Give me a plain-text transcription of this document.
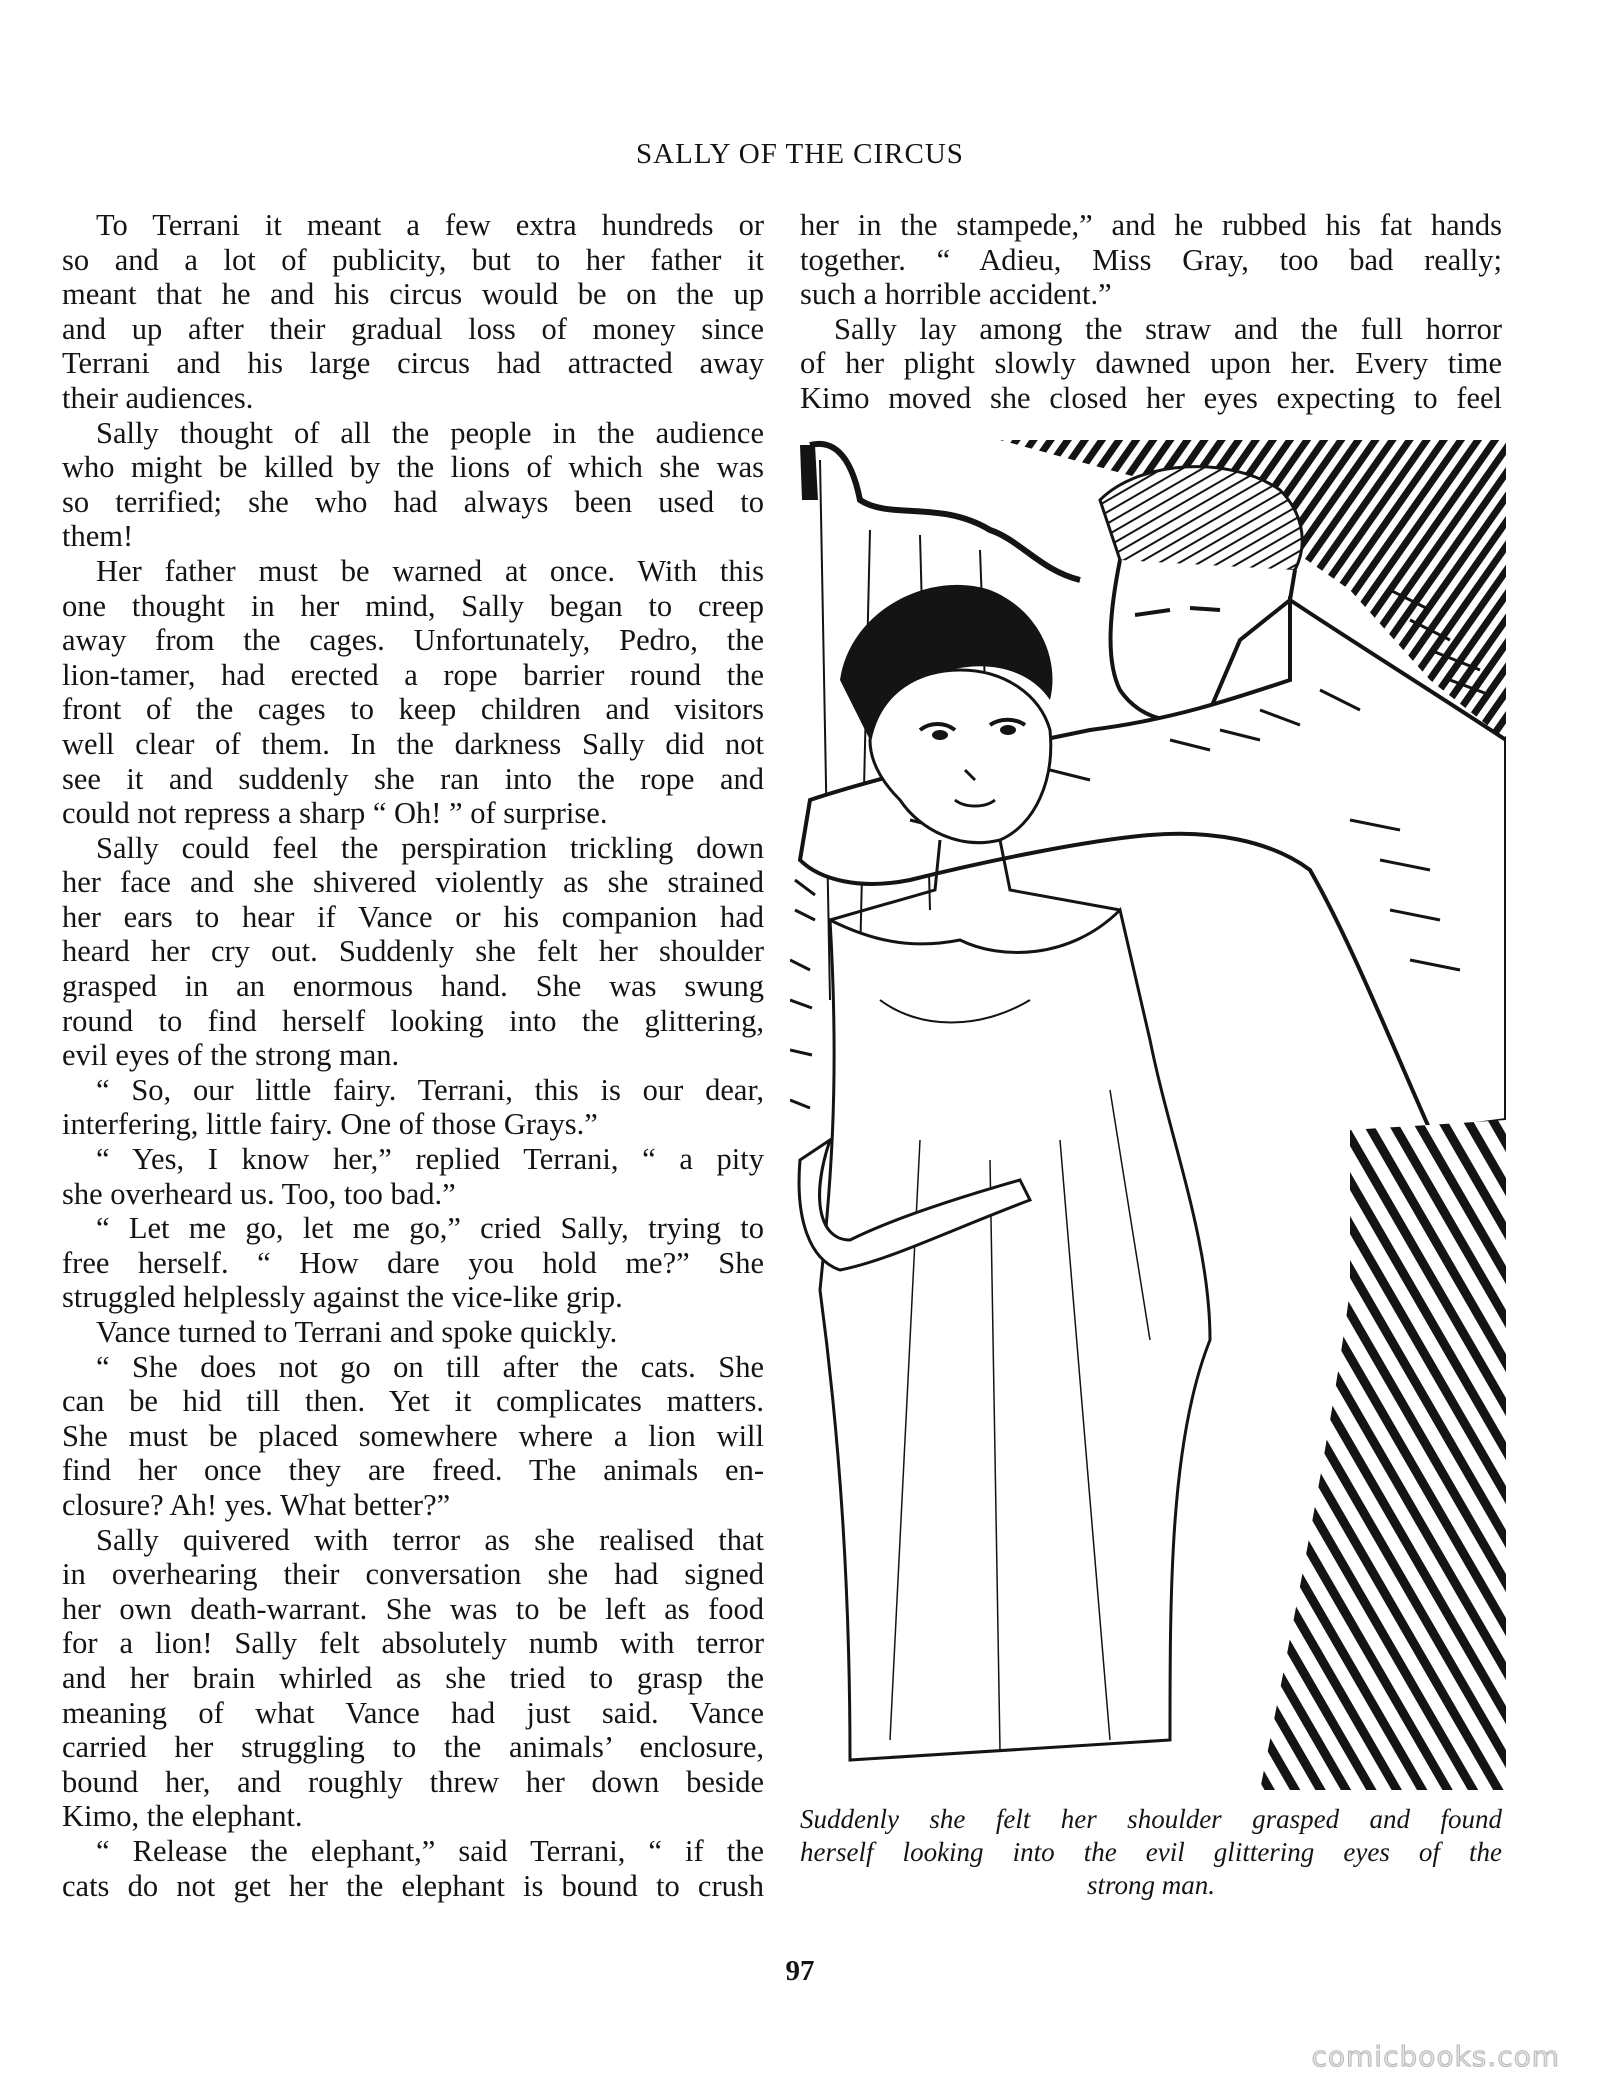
SALLY OF THE CIRCUS
To Terrani it meant a few extra hundreds or
so and a lot of publicity, but to her father it
meant that he and his circus would be on the up
and up after their gradual loss of money since
Terrani and his large circus had attracted away
their audiences.
Sally thought of all the people in the audience
who might be killed by the lions of which she was
so terrified; she who had always been used to
them!
Her father must be warned at once. With this
one thought in her mind, Sally began to creep
away from the cages. Unfortunately, Pedro, the
lion-tamer, had erected a rope barrier round the
front of the cages to keep children and visitors
well clear of them. In the darkness Sally did not
see it and suddenly she ran into the rope and
could not repress a sharp “ Oh! ” of surprise.
Sally could feel the perspiration trickling down
her face and she shivered violently as she strained
her ears to hear if Vance or his companion had
heard her cry out. Suddenly she felt her shoulder
grasped in an enormous hand. She was swung
round to find herself looking into the glittering,
evil eyes of the strong man.
“ So, our little fairy. Terrani, this is our dear,
interfering, little fairy. One of those Grays.”
“ Yes, I know her,” replied Terrani, “ a pity
she overheard us. Too, too bad.”
“ Let me go, let me go,” cried Sally, trying to
free herself. “ How dare you hold me?” She
struggled helplessly against the vice-like grip.
Vance turned to Terrani and spoke quickly.
“ She does not go on till after the cats. She
can be hid till then. Yet it complicates matters.
She must be placed somewhere where a lion will
find her once they are freed. The animals en-
closure? Ah! yes. What better?”
Sally quivered with terror as she realised that
in overhearing their conversation she had signed
her own death-warrant. She was to be left as food
for a lion! Sally felt absolutely numb with terror
and her brain whirled as she tried to grasp the
meaning of what Vance had just said. Vance
carried her struggling to the animals’ enclosure,
bound her, and roughly threw her down beside
Kimo, the elephant.
“ Release the elephant,” said Terrani, “ if the
cats do not get her the elephant is bound to crush
her in the stampede,” and he rubbed his fat hands
together. “ Adieu, Miss Gray, too bad really;
such a horrible accident.”
Sally lay among the straw and the full horror
of her plight slowly dawned upon her. Every time
Kimo moved she closed her eyes expecting to feel
Suddenly she felt her shoulder grasped and found
herself looking into the evil glittering eyes of the
strong man.
97
comicbooks.com
